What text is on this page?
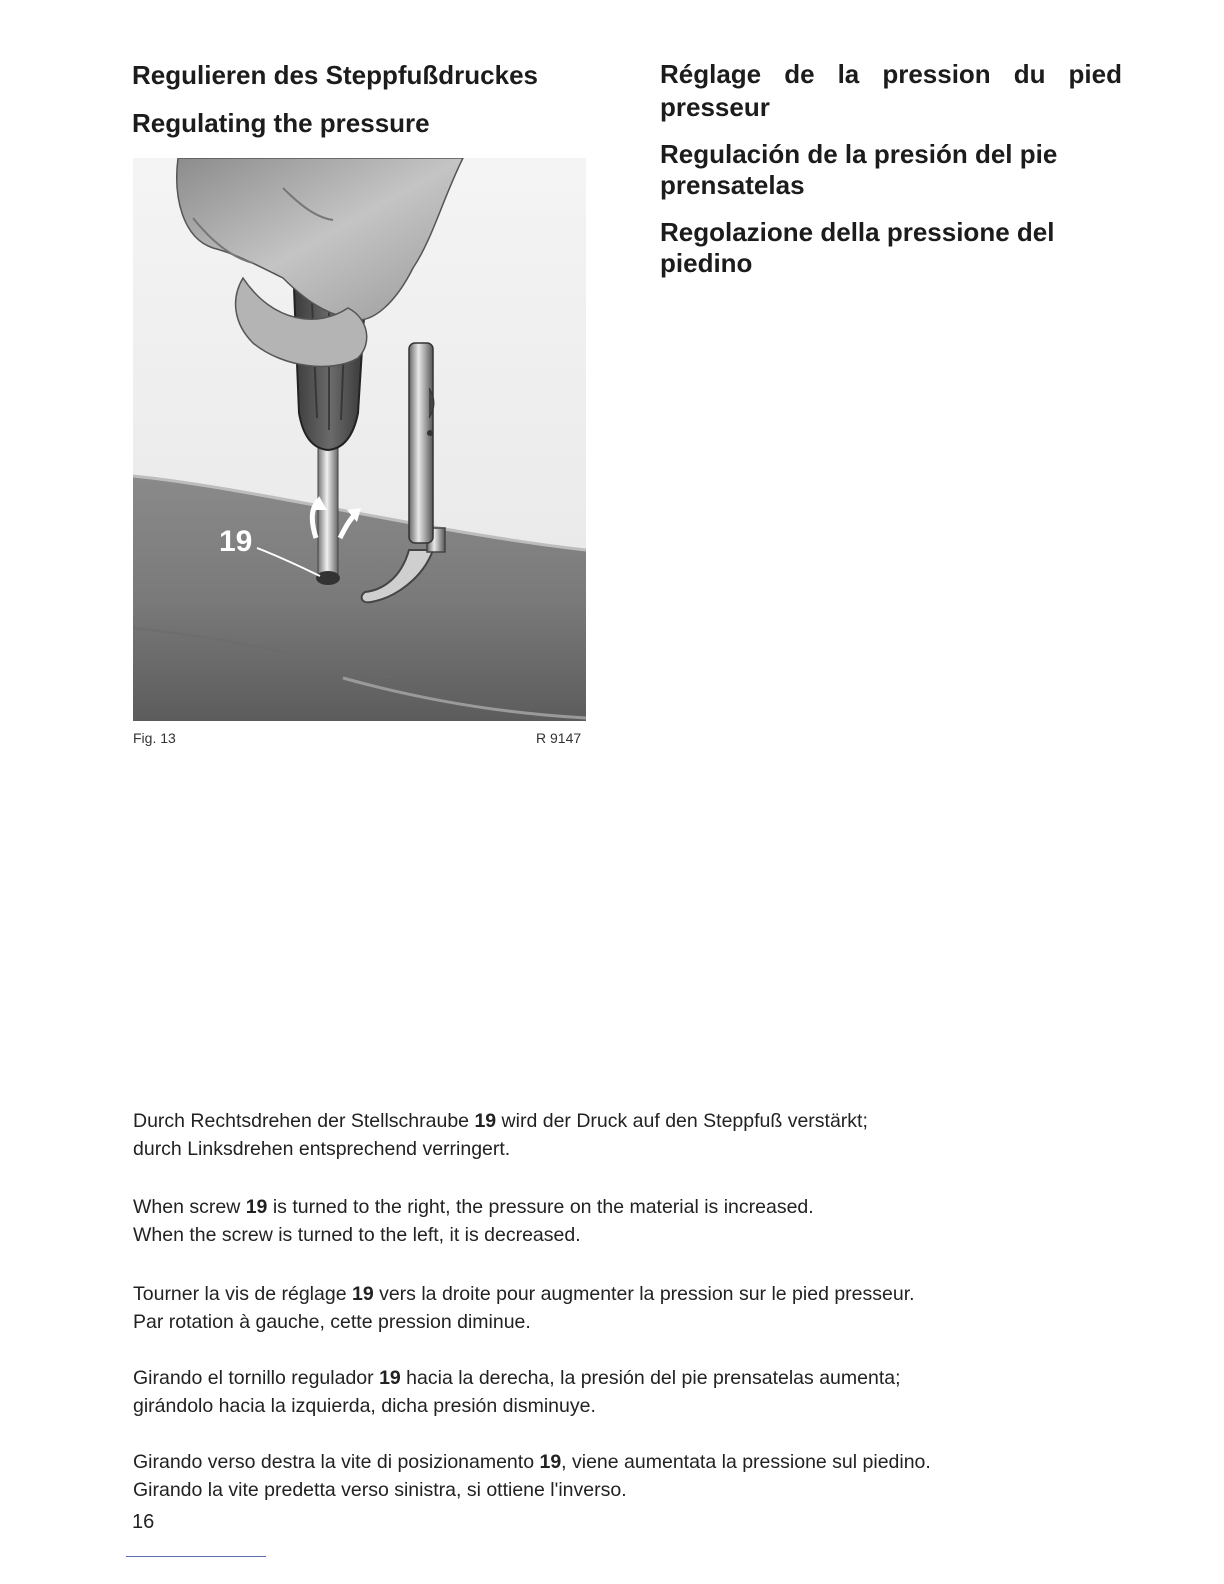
Regulieren des Steppfußdruckes
Regulating the pressure
Réglage de la pression du pied presseur
Regulación de la presión del pie prensatelas
Regolazione della pressione del piedino
19
Fig. 13	R 9147

Durch Rechtsdrehen der Stellschraube 19 wird der Druck auf den Steppfuß verstärkt;
durch Linksdrehen entsprechend verringert.

When screw 19 is turned to the right, the pressure on the material is increased.
When the screw is turned to the left, it is decreased.

Tourner la vis de réglage 19 vers la droite pour augmenter la pression sur le pied presseur.
Par rotation à gauche, cette pression diminue.

Girando el tornillo regulador 19 hacia la derecha, la presión del pie prensatelas aumenta;
girándolo hacia la izquierda, dicha presión disminuye.

Girando verso destra la vite di posizionamento 19, viene aumentata la pressione sul piedino.
Girando la vite predetta verso sinistra, si ottiene l'inverso.

16
